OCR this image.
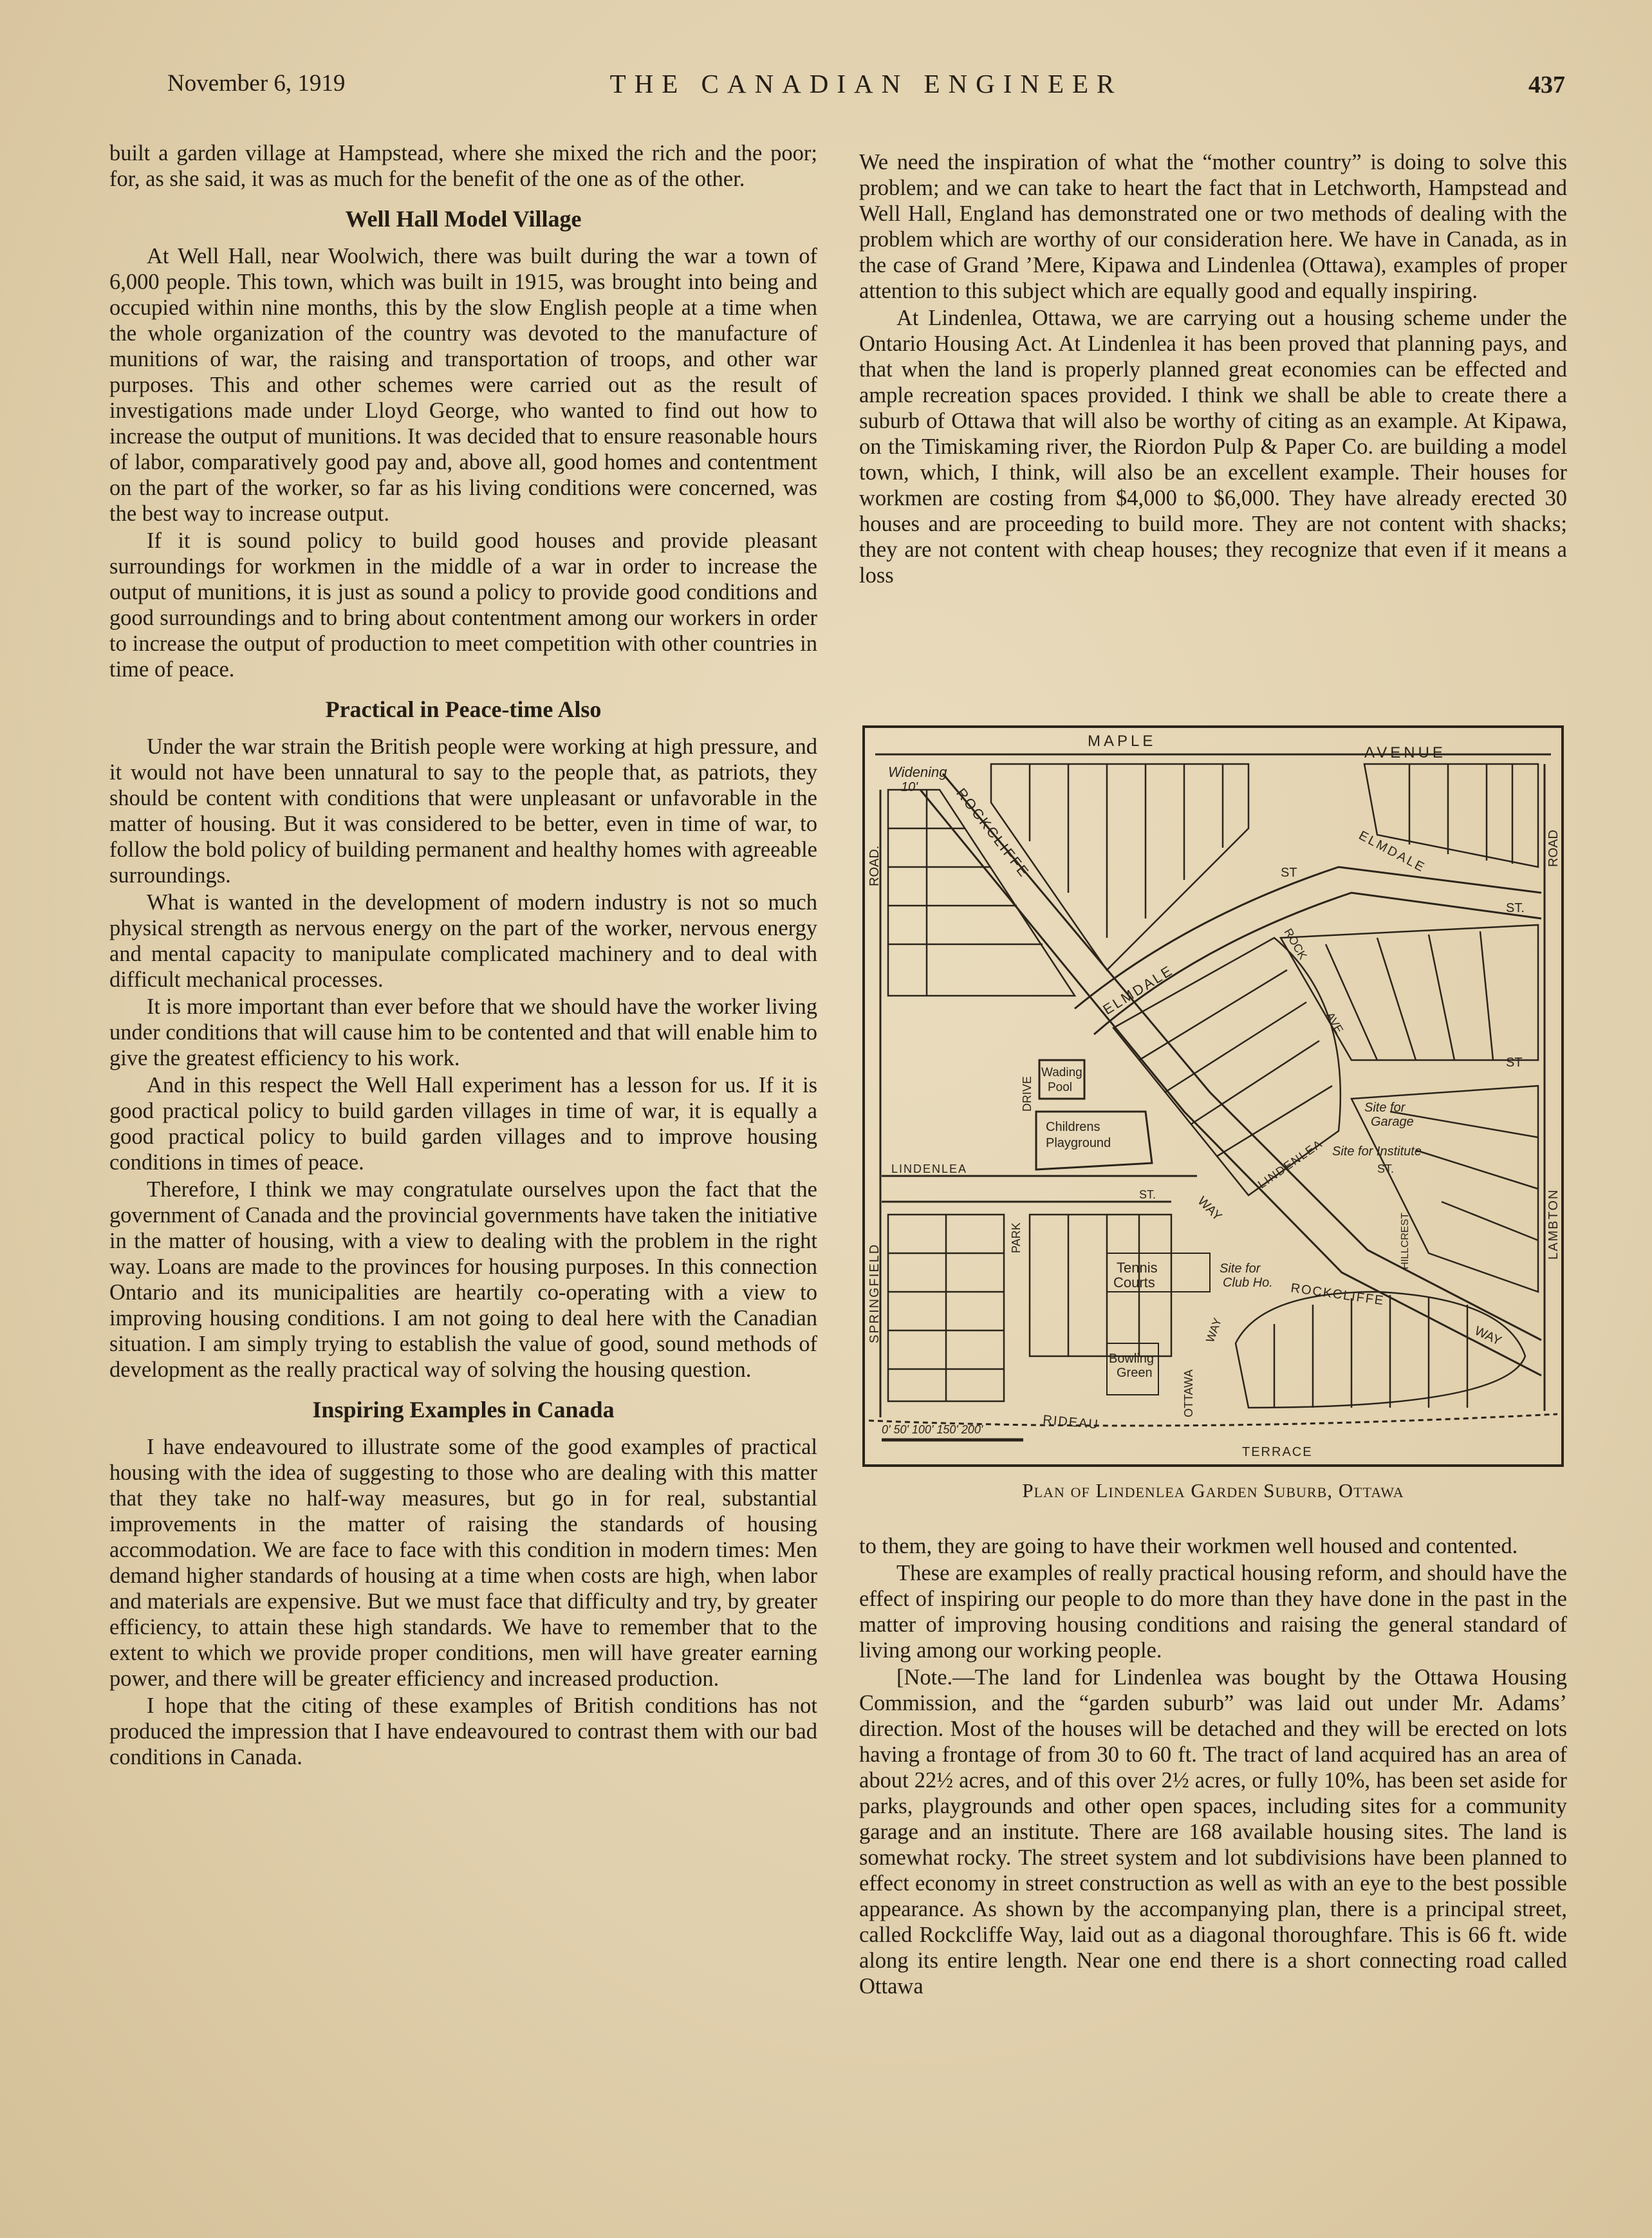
November 6, 1919	THE CANADIAN ENGINEER	437

built a garden village at Hampstead, where she mixed the rich and the poor; for, as she said, it was as much for the benefit of the one as of the other.

Well Hall Model Village

At Well Hall, near Woolwich, there was built during the war a town of 6,000 people. This town, which was built in 1915, was brought into being and occupied within nine months, this by the slow English people at a time when the whole organization of the country was devoted to the manufacture of munitions of war, the raising and transportation of troops, and other war purposes. This and other schemes were carried out as the result of investigations made under Lloyd George, who wanted to find out how to increase the output of munitions. It was decided that to ensure reasonable hours of labor, comparatively good pay and, above all, good homes and contentment on the part of the worker, so far as his living conditions were concerned, was the best way to increase output.

If it is sound policy to build good houses and provide pleasant surroundings for workmen in the middle of a war in order to increase the output of munitions, it is just as sound a policy to provide good conditions and good surroundings and to bring about contentment among our workers in order to increase the output of production to meet competition with other countries in time of peace.

Practical in Peace-time Also

Under the war strain the British people were working at high pressure, and it would not have been unnatural to say to the people that, as patriots, they should be content with conditions that were unpleasant or unfavorable in the matter of housing. But it was considered to be better, even in time of war, to follow the bold policy of building permanent and healthy homes with agreeable surroundings.

What is wanted in the development of modern industry is not so much physical strength as nervous energy on the part of the worker, nervous energy and mental capacity to manipulate complicated machinery and to deal with difficult mechanical processes.

It is more important than ever before that we should have the worker living under conditions that will cause him to be contented and that will enable him to give the greatest efficiency to his work.

And in this respect the Well Hall experiment has a lesson for us. If it is good practical policy to build garden villages in time of war, it is equally a good practical policy to build garden villages and to improve housing conditions in times of peace.

Therefore, I think we may congratulate ourselves upon the fact that the government of Canada and the provincial governments have taken the initiative in the matter of housing, with a view to dealing with the problem in the right way. Loans are made to the provinces for housing purposes. In this connection Ontario and its municipalities are heartily co-operating with a view to improving housing conditions. I am not going to deal here with the Canadian situation. I am simply trying to establish the value of good, sound methods of development as the really practical way of solving the housing question.

Inspiring Examples in Canada

I have endeavoured to illustrate some of the good examples of practical housing with the idea of suggesting to those who are dealing with this matter that they take no half-way measures, but go in for real, substantial improvements in the matter of raising the standards of housing accommodation. We are face to face with this condition in modern times: Men demand higher standards of housing at a time when costs are high, when labor and materials are expensive. But we must face that difficulty and try, by greater efficiency, to attain these high standards. We have to remember that to the extent to which we provide proper conditions, men will have greater earning power, and there will be greater efficiency and increased production.

I hope that the citing of these examples of British conditions has not produced the impression that I have endeavoured to contrast them with our bad conditions in Canada.

We need the inspiration of what the “mother country” is doing to solve this problem; and we can take to heart the fact that in Letchworth, Hampstead and Well Hall, England has demonstrated one or two methods of dealing with the problem which are worthy of our consideration here. We have in Canada, as in the case of Grand ’Mere, Kipawa and Lindenlea (Ottawa), examples of proper attention to this subject which are equally good and equally inspiring.

At Lindenlea, Ottawa, we are carrying out a housing scheme under the Ontario Housing Act. At Lindenlea it has been proved that planning pays, and that when the land is properly planned great economies can be effected and ample recreation spaces provided. I think we shall be able to create there a suburb of Ottawa that will also be worthy of citing as an example. At Kipawa, on the Timiskaming river, the Riordon Pulp & Paper Co. are building a model town, which, I think, will also be an excellent example. Their houses for workmen are costing from $4,000 to $6,000. They have already erected 30 houses and are proceeding to build more. They are not content with shacks; they are not content with cheap houses; they recognize that even if it means a loss

MAPLE
AVENUE
Widening
10'
ROAD.	ROAD
ROCKCLIFFE	ELMDALE
ST
ST.
ELMDALE
ROCK
AVE
ST
Wading
Pool
DRIVE
Childrens
Playground
Site for
Garage
Site for Institute
LINDENLEA	LINDENLEA
ST.	WAY
ST.
HILLCREST
SPRINGFIELD
LAMBTON
PARK
Tennis
Courts
Site for
Club Ho. ROCKCLIFFE
WAY
WAY
Bowling
Green	OTTAWA
RIDEAU
TERRACE
0' 50' 100' 150' 200'
Plan of Lindenlea Garden Suburb, Ottawa

to them, they are going to have their workmen well housed and contented.

These are examples of really practical housing reform, and should have the effect of inspiring our people to do more than they have done in the past in the matter of improving housing conditions and raising the general standard of living among our working people.

[Note.—The land for Lindenlea was bought by the Ottawa Housing Commission, and the “garden suburb” was laid out under Mr. Adams’ direction. Most of the houses will be detached and they will be erected on lots having a frontage of from 30 to 60 ft. The tract of land acquired has an area of about 22½ acres, and of this over 2½ acres, or fully 10%, has been set aside for parks, playgrounds and other open spaces, including sites for a community garage and an institute. There are 168 available housing sites. The land is somewhat rocky. The street system and lot subdivisions have been planned to effect economy in street construction as well as with an eye to the best possible appearance. As shown by the accompanying plan, there is a principal street, called Rockcliffe Way, laid out as a diagonal thoroughfare. This is 66 ft. wide along its entire length. Near one end there is a short connecting road called Ottawa
